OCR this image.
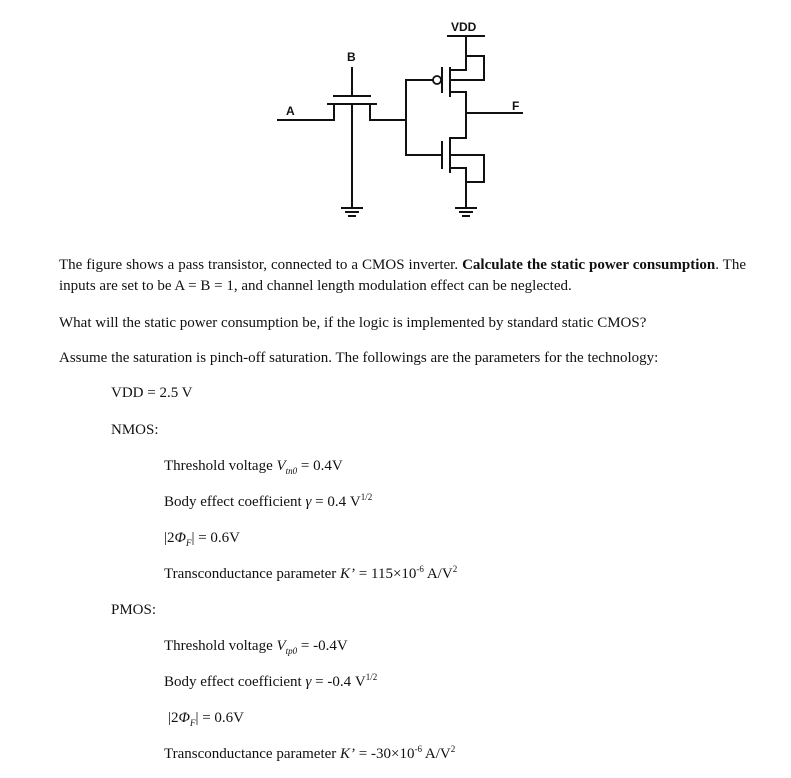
VDD
B
A	F

The figure shows a pass transistor, connected to a CMOS inverter. Calculate the static power consumption. The inputs are set to be A = B = 1, and channel length modulation effect can be neglected.

What will the static power consumption be, if the logic is implemented by standard static CMOS?

Assume the saturation is pinch-off saturation. The followings are the parameters for the technology:

VDD = 2.5 V

NMOS:

Threshold voltage $V_{tn0} = 0.4V$

Body effect coefficient γ = 0.4 $V^{1/2}$

$|2\Phi_F| = 0.6V$

Transconductance parameter K’ = $115\times 10^{-6}$ $A/V^2$

PMOS:

Threshold voltage $V_{tp0} = -0.4V$

Body effect coefficient γ = -0.4 $V^{1/2}$

$|2\Phi_F| = 0.6V$

Transconductance parameter K’ = $-30\times 10^{-6}$ $A/V^2$
